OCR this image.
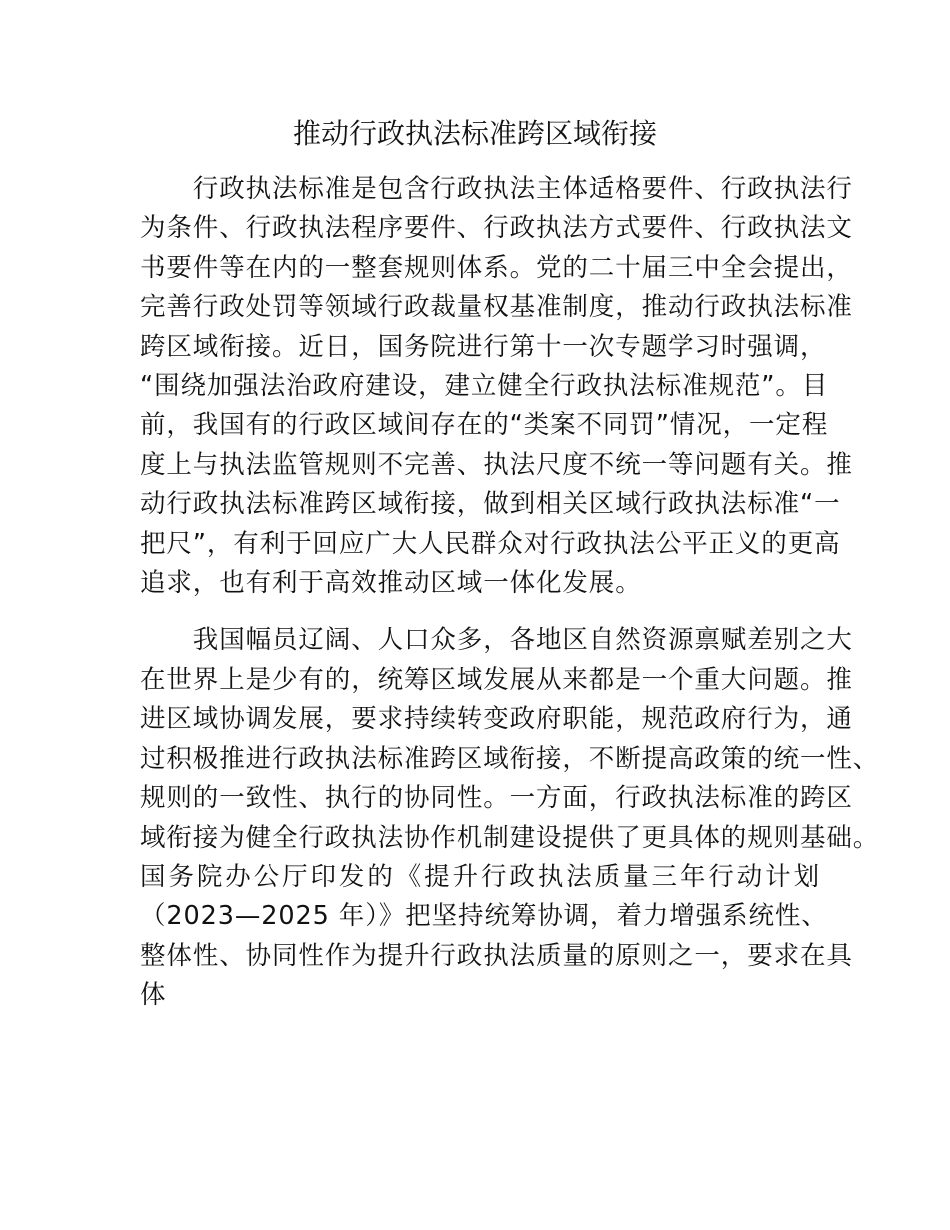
推动行政执法标准跨区域衔接
　　行政执法标准是包含行政执法主体适格要件、行政执法行
为条件、行政执法程序要件、行政执法方式要件、行政执法文
书要件等在内的一整套规则体系。党的二十届三中全会提出，
完善行政处罚等领域行政裁量权基准制度，推动行政执法标准
跨区域衔接。近日，国务院进行第十一次专题学习时强调，
“围绕加强法治政府建设，建立健全行政执法标准规范”。目
前，我国有的行政区域间存在的“类案不同罚”情况，一定程
度上与执法监管规则不完善、执法尺度不统一等问题有关。推
动行政执法标准跨区域衔接，做到相关区域行政执法标准“一
把尺”，有利于回应广大人民群众对行政执法公平正义的更高
追求，也有利于高效推动区域一体化发展。
　　我国幅员辽阔、人口众多，各地区自然资源禀赋差别之大
在世界上是少有的，统筹区域发展从来都是一个重大问题。推
进区域协调发展，要求持续转变政府职能，规范政府行为，通
过积极推进行政执法标准跨区域衔接，不断提高政策的统一性、
规则的一致性、执行的协同性。一方面，行政执法标准的跨区
域衔接为健全行政执法协作机制建设提供了更具体的规则基础。
国务院办公厅印发的《提升行政执法质量三年行动计划
（2023—2025 年）》把坚持统筹协调，着力增强系统性、
整体性、协同性作为提升行政执法质量的原则之一，要求在具
体
